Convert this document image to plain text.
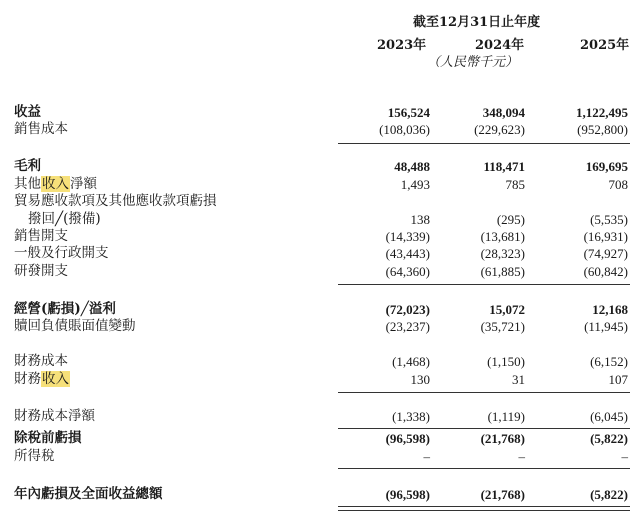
截至12月31日止年度
2023年	2024年	2025年
（人民幣千元）
收益	156,524	348,094	1,122,495
銷售成本	(108,036)	(229,623)	(952,800)
毛利	48,488	118,471	169,695
其他收入淨額	1,493	785	708
貿易應收款項及其他應收款項虧損
撥回╱(撥備)	138	(295)	(5,535)
銷售開支	(14,339)	(13,681)	(16,931)
一般及行政開支	(43,443)	(28,323)	(74,927)
研發開支	(64,360)	(61,885)	(60,842)
經營(虧損)╱溢利	(72,023)	15,072	12,168
贖回負債賬面值變動	(23,237)	(35,721)	(11,945)
財務成本	(1,468)	(1,150)	(6,152)
財務收入	130	31	107
財務成本淨額	(1,338)	(1,119)	(6,045)
除稅前虧損	(96,598)	(21,768)	(5,822)
所得稅	–	–	–
年內虧損及全面收益總額	(96,598)	(21,768)	(5,822)
